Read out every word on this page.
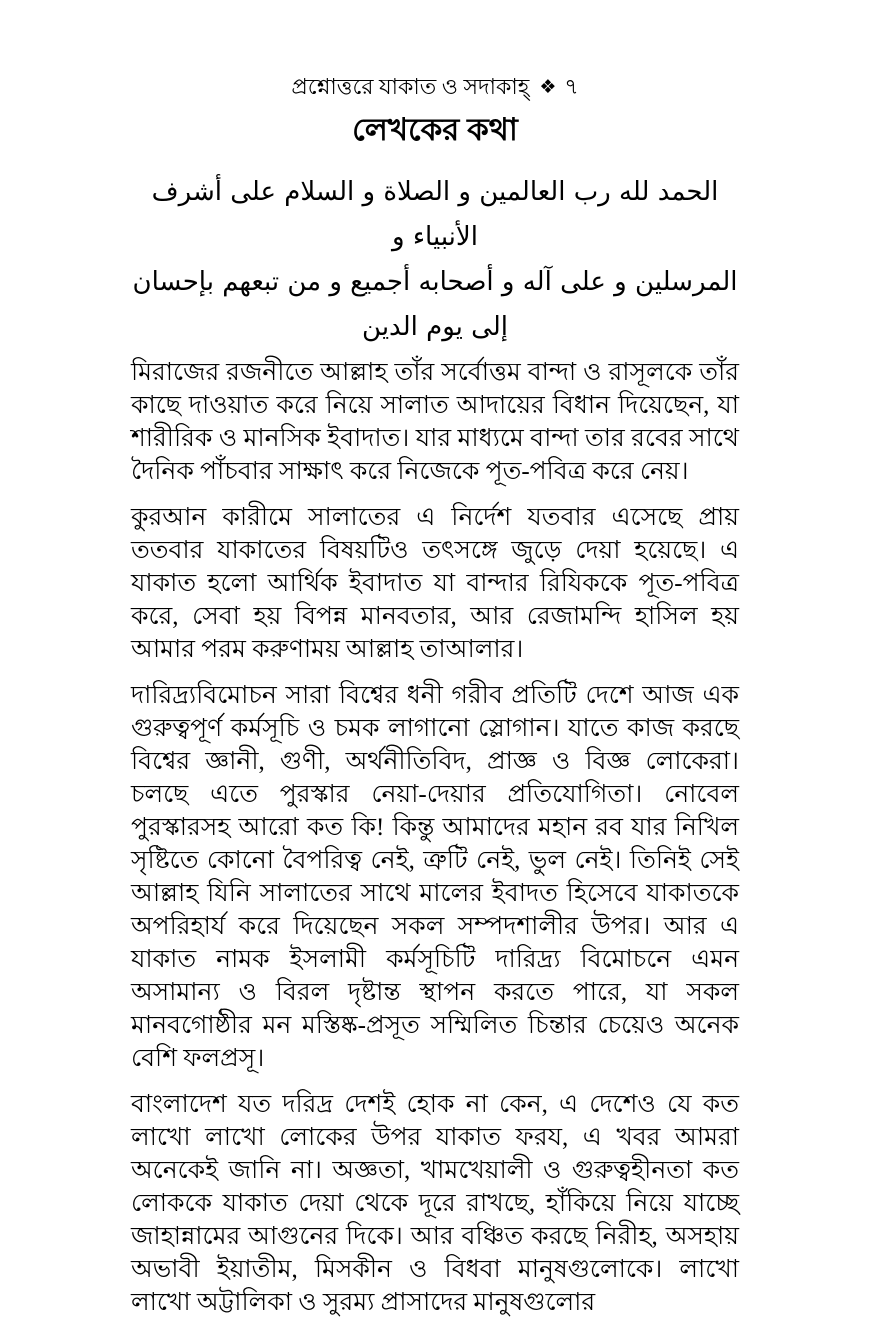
প্রশ্নোত্তরে যাকাত ও সদাকাহ্ ❖ ৭
লেখকের কথা
الحمد لله رب العالمين و الصلاة و السلام على أشرف الأنبياء و
المرسلين و على آله و أصحابه أجميع و من تبعهم بإحسان إلى يوم الدين

মিরাজের রজনীতে আল্লাহ তাঁর সর্বোত্তম বান্দা ও রাসূলকে তাঁর কাছে দাওয়াত করে নিয়ে সালাত আদায়ের বিধান দিয়েছেন, যা শারীরিক ও মানসিক ইবাদাত। যার মাধ্যমে বান্দা তার রবের সাথে দৈনিক পাঁচবার সাক্ষাৎ করে নিজেকে পূত-পবিত্র করে নেয়।

কুরআন কারীমে সালাতের এ নির্দেশ যতবার এসেছে প্রায় ততবার যাকাতের বিষয়টিও তৎসঙ্গে জুড়ে দেয়া হয়েছে। এ যাকাত হলো আর্থিক ইবাদাত যা বান্দার রিযিককে পূত-পবিত্র করে, সেবা হয় বিপন্ন মানবতার, আর রেজামন্দি হাসিল হয় আমার পরম করুণাময় আল্লাহ তাআলার।

দারিদ্র্যবিমোচন সারা বিশ্বের ধনী গরীব প্রতিটি দেশে আজ এক গুরুত্বপূর্ণ কর্মসূচি ও চমক লাগানো স্লোগান। যাতে কাজ করছে বিশ্বের জ্ঞানী, গুণী, অর্থনীতিবিদ, প্রাজ্ঞ ও বিজ্ঞ লোকেরা। চলছে এতে পুরস্কার নেয়া-দেয়ার প্রতিযোগিতা। নোবেল পুরস্কারসহ আরো কত কি! কিন্তু আমাদের মহান রব যার নিখিল সৃষ্টিতে কোনো বৈপরিত্ব নেই, ত্রুটি নেই, ভুল নেই। তিনিই সেই আল্লাহ যিনি সালাতের সাথে মালের ইবাদত হিসেবে যাকাতকে অপরিহার্য করে দিয়েছেন সকল সম্পদশালীর উপর। আর এ যাকাত নামক ইসলামী কর্মসূচিটি দারিদ্র্য বিমোচনে এমন অসামান্য ও বিরল দৃষ্টান্ত স্থাপন করতে পারে, যা সকল মানবগোষ্ঠীর মন মস্তিষ্ক-প্রসূত সম্মিলিত চিন্তার চেয়েও অনেক বেশি ফলপ্রসূ।

বাংলাদেশ যত দরিদ্র দেশই হোক না কেন, এ দেশেও যে কত লাখো লাখো লোকের উপর যাকাত ফরয, এ খবর আমরা অনেকেই জানি না। অজ্ঞতা, খামখেয়ালী ও গুরুত্বহীনতা কত লোককে যাকাত দেয়া থেকে দূরে রাখছে, হাঁকিয়ে নিয়ে যাচ্ছে জাহান্নামের আগুনের দিকে। আর বঞ্চিত করছে নিরীহ, অসহায় অভাবী ইয়াতীম, মিসকীন ও বিধবা মানুষগুলোকে। লাখো লাখো অট্টালিকা ও সুরম্য প্রাসাদের মানুষগুলোর
